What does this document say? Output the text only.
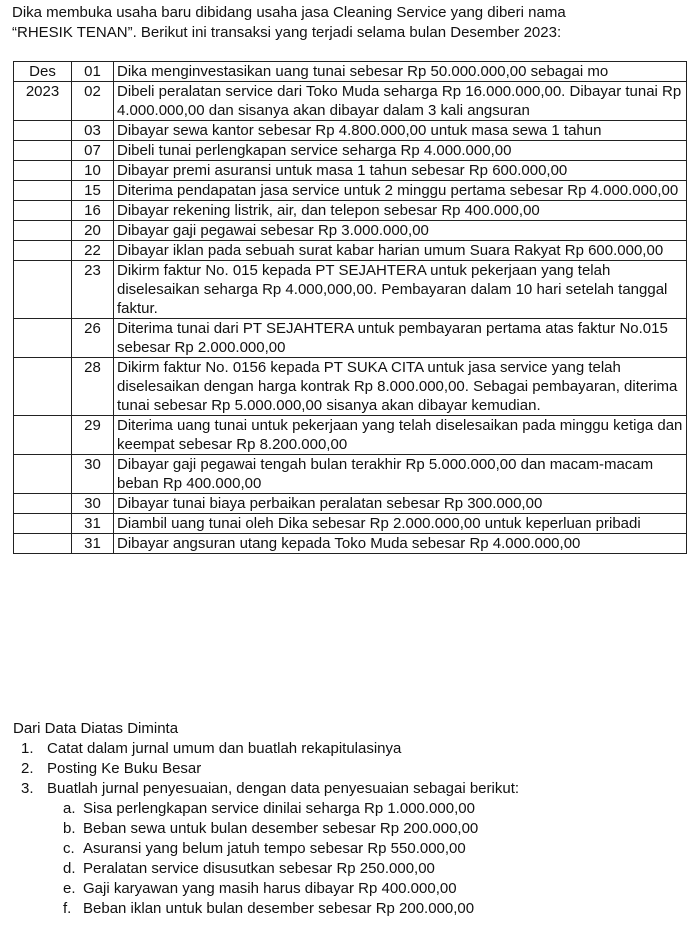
Dika membuka usaha baru dibidang usaha jasa Cleaning Service yang diberi nama

“RHESIK TENAN”. Berikut ini transaksi yang terjadi selama bulan Desember 2023:

Des	01	Dika menginvestasikan uang tunai sebesar Rp 50.000.000,00 sebagai mo
2023	02	Dibeli peralatan service dari Toko Muda seharga Rp 16.000.000,00. Dibayar tunai Rp 4.000.000,00 dan sisanya akan dibayar dalam 3 kali angsuran
	03	Dibayar sewa kantor sebesar Rp 4.800.000,00 untuk masa sewa 1 tahun
	07	Dibeli tunai perlengkapan service seharga Rp 4.000.000,00
	10	Dibayar premi asuransi untuk masa 1 tahun sebesar Rp 600.000,00
	15	Diterima pendapatan jasa service untuk 2 minggu pertama sebesar Rp 4.000.000,00
	16	Dibayar rekening listrik, air, dan telepon sebesar Rp 400.000,00
	20	Dibayar gaji pegawai sebesar Rp 3.000.000,00
	22	Dibayar iklan pada sebuah surat kabar harian umum Suara Rakyat Rp 600.000,00
	23	Dikirm faktur No. 015 kepada PT SEJAHTERA untuk pekerjaan yang telah diselesaikan seharga Rp 4.000,000,00. Pembayaran dalam 10 hari setelah tanggal faktur.
	26	Diterima tunai dari PT SEJAHTERA untuk pembayaran pertama atas faktur No.015 sebesar Rp 2.000.000,00
	28	Dikirm faktur No. 0156 kepada PT SUKA CITA untuk jasa service yang telah diselesaikan dengan harga kontrak Rp 8.000.000,00. Sebagai pembayaran, diterima tunai sebesar Rp 5.000.000,00 sisanya akan dibayar kemudian.
	29	Diterima uang tunai untuk pekerjaan yang telah diselesaikan pada minggu ketiga dan keempat sebesar Rp 8.200.000,00
	30	Dibayar gaji pegawai tengah bulan terakhir Rp 5.000.000,00 dan macam-macam beban Rp 400.000,00
	30	Dibayar tunai biaya perbaikan peralatan sebesar Rp 300.000,00
	31	Diambil uang tunai oleh Dika sebesar Rp 2.000.000,00 untuk keperluan pribadi
	31	Dibayar angsuran utang kepada Toko Muda sebesar Rp 4.000.000,00

Dari Data Diatas Diminta

1. Catat dalam jurnal umum dan buatlah rekapitulasinya
2. Posting Ke Buku Besar
3. Buatlah jurnal penyesuaian, dengan data penyesuaian sebagai berikut:
a. Sisa perlengkapan service dinilai seharga Rp 1.000.000,00
b. Beban sewa untuk bulan desember sebesar Rp 200.000,00
c. Asuransi yang belum jatuh tempo sebesar Rp 550.000,00
d. Peralatan service disusutkan sebesar Rp 250.000,00
e. Gaji karyawan yang masih harus dibayar Rp 400.000,00
f. Beban iklan untuk bulan desember sebesar Rp 200.000,00
